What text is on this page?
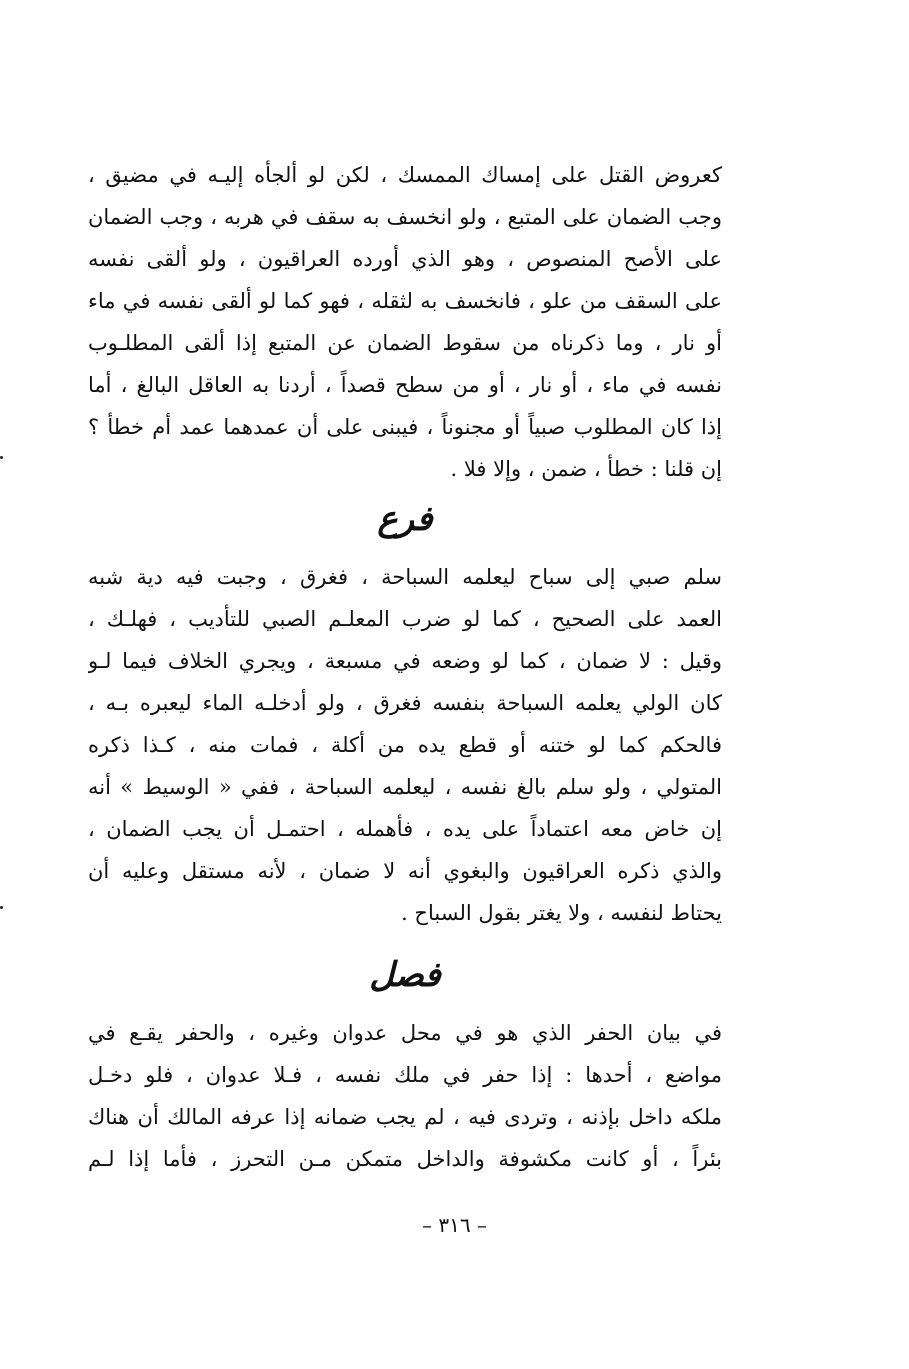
كعروض القتل على إمساك الممسك ، لكن لو ألجأه إليـه في مضيق ،
وجب الضمان على المتبع ، ولو انخسف به سقف في هربه ، وجب الضمان
على الأصح المنصوص ، وهو الذي أورده العراقيون ، ولو ألقى نفسه
على السقف من علو ، فانخسف به لثقله ، فهو كما لو ألقى نفسه في ماء
أو نار ، وما ذكرناه من سقوط الضمان عن المتبع إذا ألقى المطلـوب
نفسه في ماء ، أو نار ، أو من سطح قصداً ، أردنا به العاقل البالغ ، أما
إذا كان المطلوب صبياً أو مجنوناً ، فيبنى على أن عمدهما عمد أم خطأ ؟
إن قلنا : خطأ ، ضمن ، وإلا فلا .
فرع
سلم صبي إلى سباح ليعلمه السباحة ، فغرق ، وجبت فيه دية شبه
العمد على الصحيح ، كما لو ضرب المعلـم الصبي للتأديب ، فهلـك ،
وقيل : لا ضمان ، كما لو وضعه في مسبعة ، ويجري الخلاف فيما لـو
كان الولي يعلمه السباحة بنفسه فغرق ، ولو أدخلـه الماء ليعبره بـه ،
فالحكم كما لو ختنه أو قطع يده من أكلة ، فمات منه ، كـذا ذكره
المتولي ، ولو سلم بالغ نفسه ، ليعلمه السباحة ، ففي « الوسيط » أنه
إن خاض معه اعتماداً على يده ، فأهمله ، احتمـل أن يجب الضمان ،
والذي ذكره العراقيون والبغوي أنه لا ضمان ، لأنه مستقل وعليه أن
يحتاط لنفسه ، ولا يغتر بقول السباح .
فصل
في بيان الحفر الذي هو في محل عدوان وغيره ، والحفر يقـع في
مواضع ، أحدها : إذا حفر في ملك نفسه ، فـلا عدوان ، فلو دخـل
ملكه داخل بإذنه ، وتردى فيه ، لم يجب ضمانه إذا عرفه المالك أن هناك
بئراً ، أو كانت مكشوفة والداخل متمكن مـن التحرز ، فأما إذا لـم
– ٣١٦ –
